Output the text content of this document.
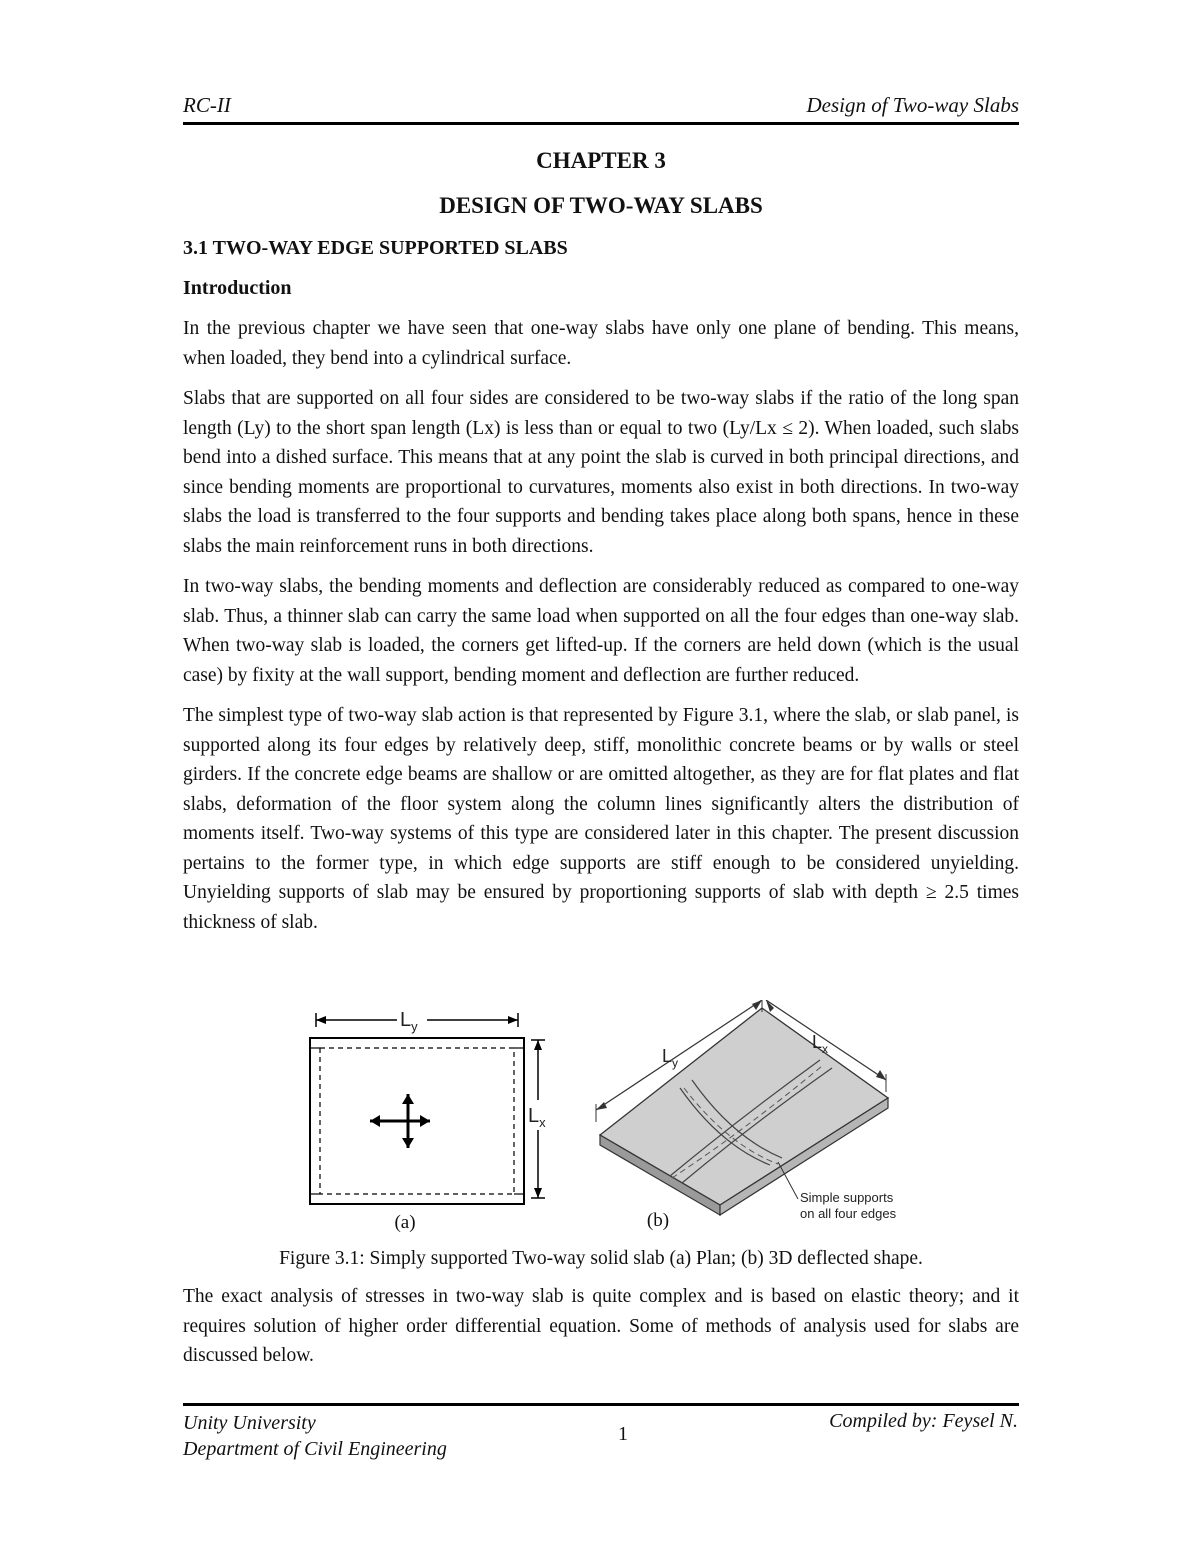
RC-II	Design of Two-way Slabs
CHAPTER 3
DESIGN OF TWO-WAY SLABS
3.1 TWO-WAY EDGE SUPPORTED SLABS
Introduction

In the previous chapter we have seen that one-way slabs have only one plane of bending. This means, when loaded, they bend into a cylindrical surface.

Slabs that are supported on all four sides are considered to be two-way slabs if the ratio of the long span length (Ly) to the short span length (Lx) is less than or equal to two (Ly/Lx ≤ 2). When loaded, such slabs bend into a dished surface. This means that at any point the slab is curved in both principal directions, and since bending moments are proportional to curvatures, moments also exist in both directions. In two-way slabs the load is transferred to the four supports and bending takes place along both spans, hence in these slabs the main reinforcement runs in both directions.

In two-way slabs, the bending moments and deflection are considerably reduced as compared to one-way slab. Thus, a thinner slab can carry the same load when supported on all the four edges than one-way slab. When two-way slab is loaded, the corners get lifted-up. If the corners are held down (which is the usual case) by fixity at the wall support, bending moment and deflection are further reduced.

The simplest type of two-way slab action is that represented by Figure 3.1, where the slab, or slab panel, is supported along its four edges by relatively deep, stiff, monolithic concrete beams or by walls or steel girders. If the concrete edge beams are shallow or are omitted altogether, as they are for flat plates and flat slabs, deformation of the floor system along the column lines significantly alters the distribution of moments itself. Two-way systems of this type are considered later in this chapter. The present discussion pertains to the former type, in which edge supports are stiff enough to be considered unyielding. Unyielding supports of slab may be ensured by proportioning supports of slab with depth ≥ 2.5 times thickness of slab.

$L_y$
$L_x$
(a)
$L_y$
$L_x$
Simple supports
on all four edges
(b)
Figure 3.1: Simply supported Two-way solid slab (a) Plan; (b) 3D deflected shape.

The exact analysis of stresses in two-way slab is quite complex and is based on elastic theory; and it requires solution of higher order differential equation. Some of methods of analysis used for slabs are discussed below.

Unity University
Department of Civil Engineering
1
Compiled by: Feysel N.
